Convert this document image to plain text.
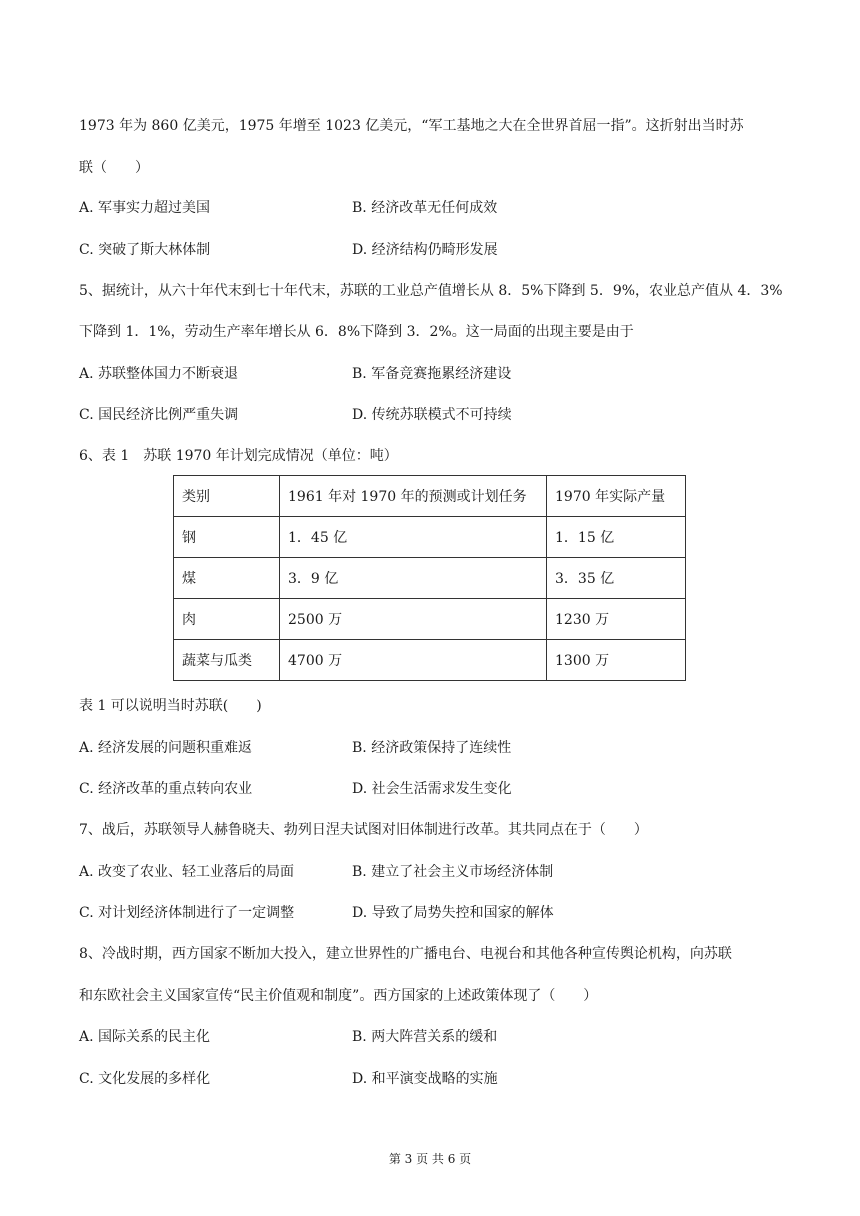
1973 年为 860 亿美元，1975 年增至 1023 亿美元，“军工基地之大在全世界首屈一指”。这折射出当时苏
联（　　）
A. 军事实力超过美国	B. 经济改革无任何成效
C. 突破了斯大林体制	D. 经济结构仍畸形发展
5、据统计，从六十年代末到七十年代末，苏联的工业总产值增长从 8．5%下降到 5．9%，农业总产值从 4．3%
下降到 1．1%，劳动生产率年增长从 6．8%下降到 3．2%。这一局面的出现主要是由于
A. 苏联整体国力不断衰退	B. 军备竞赛拖累经济建设
C. 国民经济比例严重失调	D. 传统苏联模式不可持续
6、表 1　苏联 1970 年计划完成情况（单位：吨）
类别	1961 年对 1970 年的预测或计划任务	1970 年实际产量
钢	1．45 亿	1．15 亿
煤	3．9 亿	3．35 亿
肉	2500 万	1230 万
蔬菜与瓜类	4700 万	1300 万
表 1 可以说明当时苏联(　　)
A. 经济发展的问题积重难返	B. 经济政策保持了连续性
C. 经济改革的重点转向农业	D. 社会生活需求发生变化
7、战后，苏联领导人赫鲁晓夫、勃列日涅夫试图对旧体制进行改革。其共同点在于（　　）
A. 改变了农业、轻工业落后的局面	B. 建立了社会主义市场经济体制
C. 对计划经济体制进行了一定调整	D. 导致了局势失控和国家的解体
8、冷战时期，西方国家不断加大投入，建立世界性的广播电台、电视台和其他各种宣传舆论机构，向苏联
和东欧社会主义国家宣传“民主价值观和制度”。西方国家的上述政策体现了（　　）
A. 国际关系的民主化	B. 两大阵营关系的缓和
C. 文化发展的多样化	D. 和平演变战略的实施
第 3 页 共 6 页
